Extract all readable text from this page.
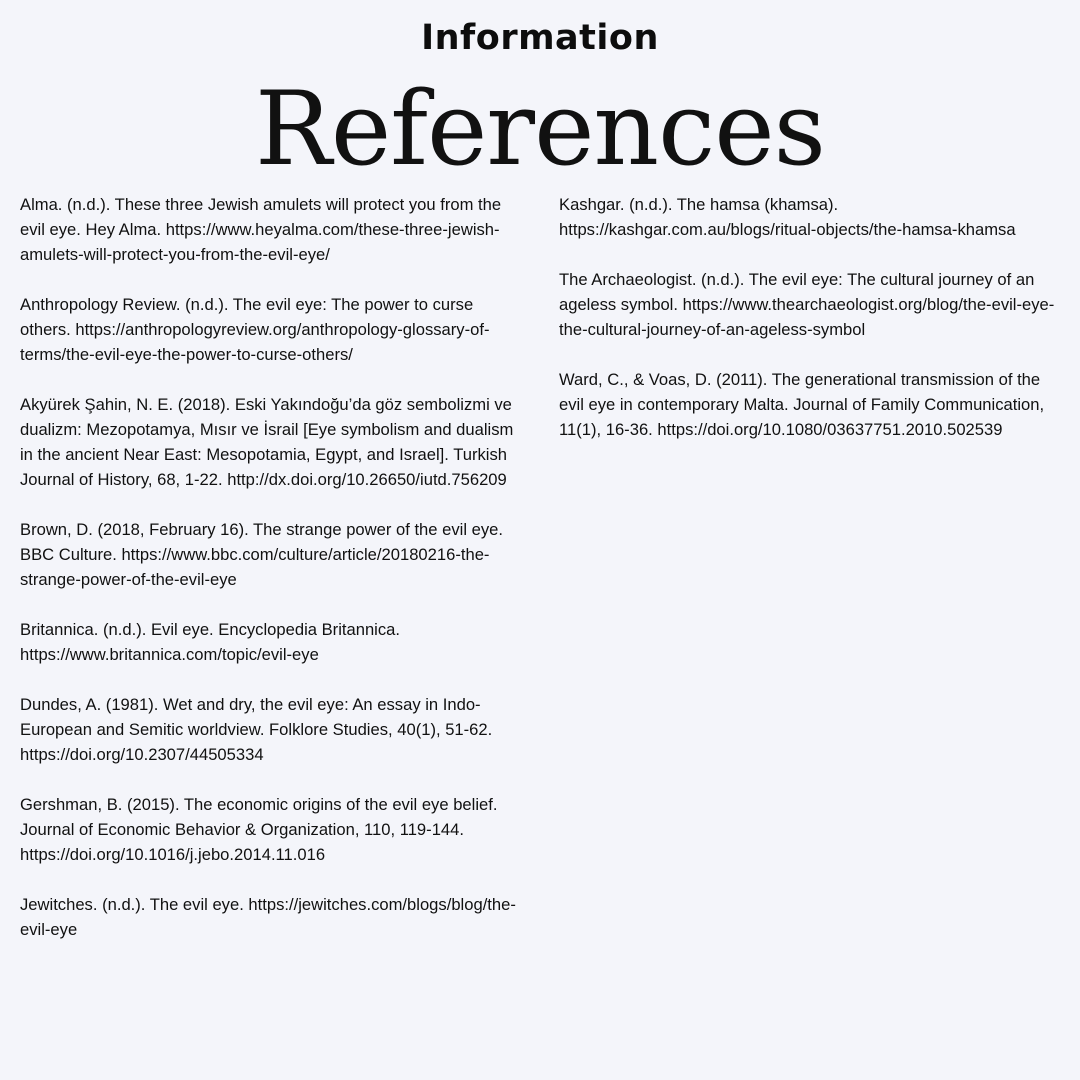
Information
References

Alma. (n.d.). These three Jewish amulets will protect you from the evil eye. Hey Alma. https://www.heyalma.com/these-three-jewish-amulets-will-protect-you-from-the-evil-eye/

Anthropology Review. (n.d.). The evil eye: The power to curse others. https://anthropologyreview.org/anthropology-glossary-of-terms/the-evil-eye-the-power-to-curse-others/

Akyürek Şahin, N. E. (2018). Eski Yakındoğu’da göz sembolizmi ve dualizm: Mezopotamya, Mısır ve İsrail [Eye symbolism and dualism in the ancient Near East: Mesopotamia, Egypt, and Israel]. Turkish Journal of History, 68, 1-22. http://dx.doi.org/10.26650/iutd.756209

Brown, D. (2018, February 16). The strange power of the evil eye. BBC Culture. https://www.bbc.com/culture/article/20180216-the-strange-power-of-the-evil-eye

Britannica. (n.d.). Evil eye. Encyclopedia Britannica. https://www.britannica.com/topic/evil-eye

Dundes, A. (1981). Wet and dry, the evil eye: An essay in Indo-European and Semitic worldview. Folklore Studies, 40(1), 51-62. https://doi.org/10.2307/44505334

Gershman, B. (2015). The economic origins of the evil eye belief. Journal of Economic Behavior & Organization, 110, 119-144. https://doi.org/10.1016/j.jebo.2014.11.016

Jewitches. (n.d.). The evil eye. https://jewitches.com/blogs/blog/the-evil-eye

Kashgar. (n.d.). The hamsa (khamsa). https://kashgar.com.au/blogs/ritual-objects/the-hamsa-khamsa

The Archaeologist. (n.d.). The evil eye: The cultural journey of an ageless symbol. https://www.thearchaeologist.org/blog/the-evil-eye-the-cultural-journey-of-an-ageless-symbol

Ward, C., & Voas, D. (2011). The generational transmission of the evil eye in contemporary Malta. Journal of Family Communication, 11(1), 16-36. https://doi.org/10.1080/03637751.2010.502539
